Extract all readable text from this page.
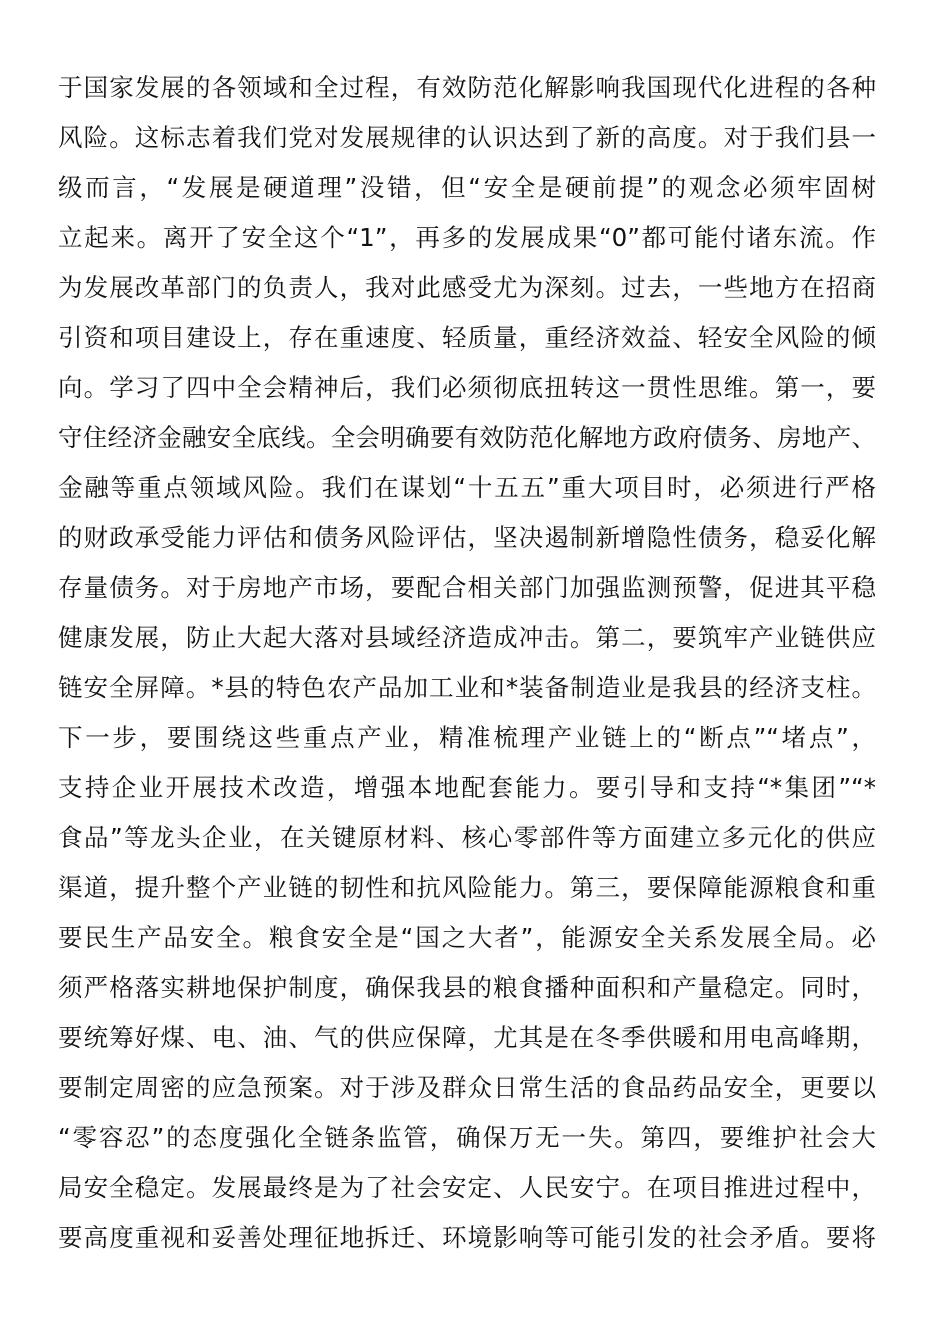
于国家发展的各领域和全过程，有效防范化解影响我国现代化进程的各种
风险。这标志着我们党对发展规律的认识达到了新的高度。对于我们县一
级而言，“发展是硬道理”没错，但“安全是硬前提”的观念必须牢固树
立起来。离开了安全这个“1”，再多的发展成果“0”都可能付诸东流。作
为发展改革部门的负责人，我对此感受尤为深刻。过去，一些地方在招商
引资和项目建设上，存在重速度、轻质量，重经济效益、轻安全风险的倾
向。学习了四中全会精神后，我们必须彻底扭转这一贯性思维。第一，要
守住经济金融安全底线。全会明确要有效防范化解地方政府债务、房地产、
金融等重点领域风险。我们在谋划“十五五”重大项目时，必须进行严格
的财政承受能力评估和债务风险评估，坚决遏制新增隐性债务，稳妥化解
存量债务。对于房地产市场，要配合相关部门加强监测预警，促进其平稳
健康发展，防止大起大落对县域经济造成冲击。第二，要筑牢产业链供应
链安全屏障。*县的特色农产品加工业和*装备制造业是我县的经济支柱。
下一步，要围绕这些重点产业，精准梳理产业链上的“断点”“堵点”，
支持企业开展技术改造，增强本地配套能力。要引导和支持“*集团”“*
食品”等龙头企业，在关键原材料、核心零部件等方面建立多元化的供应
渠道，提升整个产业链的韧性和抗风险能力。第三，要保障能源粮食和重
要民生产品安全。粮食安全是“国之大者”，能源安全关系发展全局。必
须严格落实耕地保护制度，确保我县的粮食播种面积和产量稳定。同时，
要统筹好煤、电、油、气的供应保障，尤其是在冬季供暖和用电高峰期，
要制定周密的应急预案。对于涉及群众日常生活的食品药品安全，更要以
“零容忍”的态度强化全链条监管，确保万无一失。第四，要维护社会大
局安全稳定。发展最终是为了社会安定、人民安宁。在项目推进过程中，
要高度重视和妥善处理征地拆迁、环境影响等可能引发的社会矛盾。要将
